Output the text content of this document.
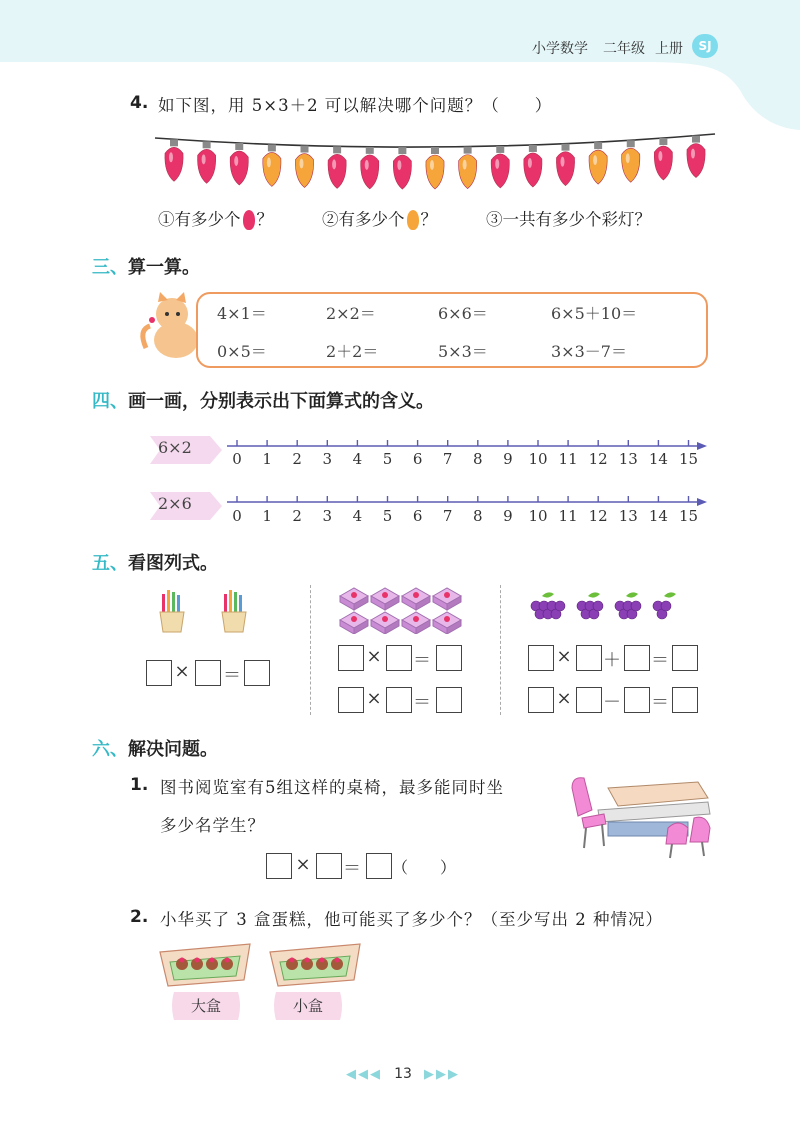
小学数学 二年级 上册	SJ
4. 如下图，用 5×3＋2 可以解决哪个问题？（　　）
①有多少个 ？	②有多少个 ？	③一共有多少个彩灯？
三、算一算。
4×1＝	2×2＝	6×6＝	6×5＋10＝
0×5＝	2＋2＝	5×3＝	3×3－7＝
四、画一画，分别表示出下面算式的含义。
6×2
0	1	2	3	4	5	6	7	8	9	10 11 12 13 14 15
2×6
0	1	2	3	4	5	6	7	8	9	10 11 12 13 14 15
五、看图列式。
× ＝
× ＝
× ＝
× ＋ ＝
× － ＝
六、解决问题。
1. 图书阅览室有5组这样的桌椅，最多能同时坐
多少名学生？
× ＝ （　　）
2. 小华买了 3 盒蛋糕，他可能买了多少个？（至少写出 2 种情况）
大盒	小盒
◀◀◀ 13 ▶▶▶
